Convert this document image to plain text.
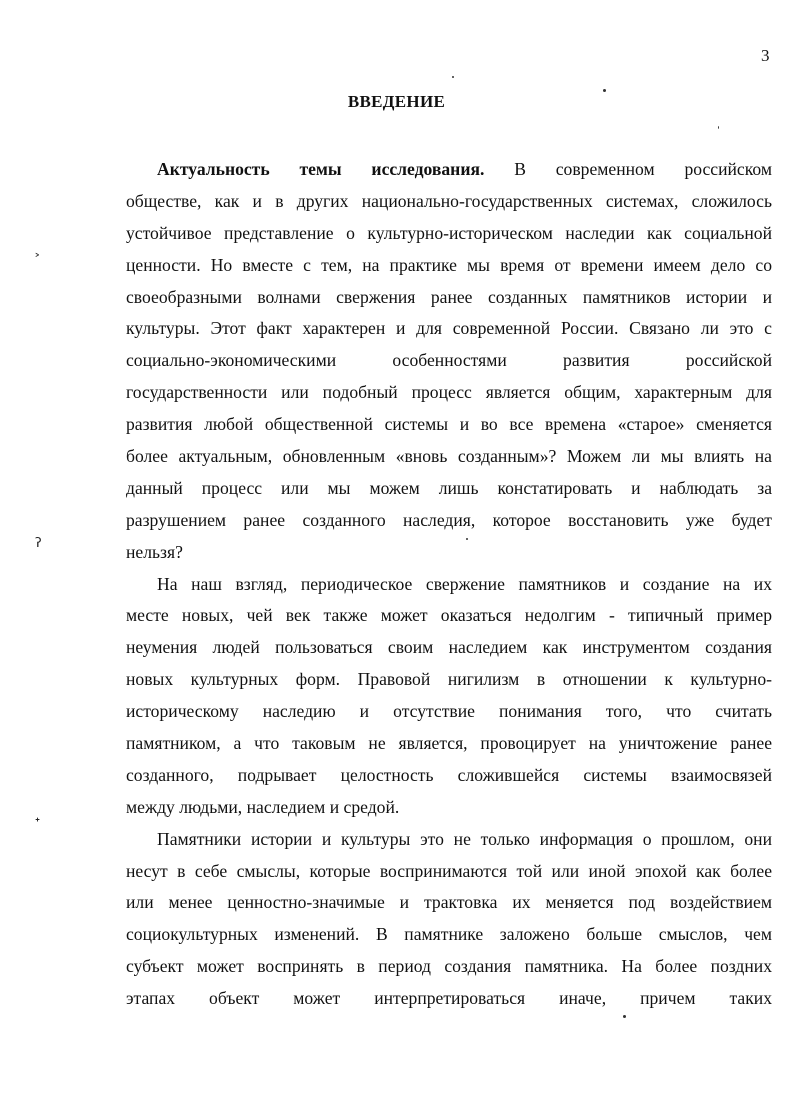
3
ВВЕДЕНИЕ
Актуальность темы исследования. В современном российском
обществе, как и в других национально-государственных системах, сложилось
устойчивое представление о культурно-историческом наследии как социальной
ценности. Но вместе с тем, на практике мы время от времени имеем дело со
своеобразными волнами свержения ранее созданных памятников истории и
культуры. Этот факт характерен и для современной России. Связано ли это с
социально-экономическими особенностями развития российской
государственности или подобный процесс является общим, характерным для
развития любой общественной системы и во все времена «старое» сменяется
более актуальным, обновленным «вновь созданным»? Можем ли мы влиять на
данный процесс или мы можем лишь констатировать и наблюдать за
разрушением ранее созданного наследия, которое восстановить уже будет
нельзя?
На наш взгляд, периодическое свержение памятников и создание на их
месте новых, чей век также может оказаться недолгим - типичный пример
неумения людей пользоваться своим наследием как инструментом создания
новых культурных форм. Правовой нигилизм в отношении к культурно-
историческому наследию и отсутствие понимания того, что считать
памятником, а что таковым не является, провоцирует на уничтожение ранее
созданного, подрывает целостность сложившейся системы взаимосвязей
между людьми, наследием и средой.
Памятники истории и культуры это не только информация о прошлом, они
несут в себе смыслы, которые воспринимаются той или иной эпохой как более
или менее ценностно-значимые и трактовка их меняется под воздействием
социокультурных изменений. В памятнике заложено больше смыслов, чем
субъект может воспринять в период создания памятника. На более поздних
этапах объект может интерпретироваться иначе, причем таких
˃
ʔ
˖
